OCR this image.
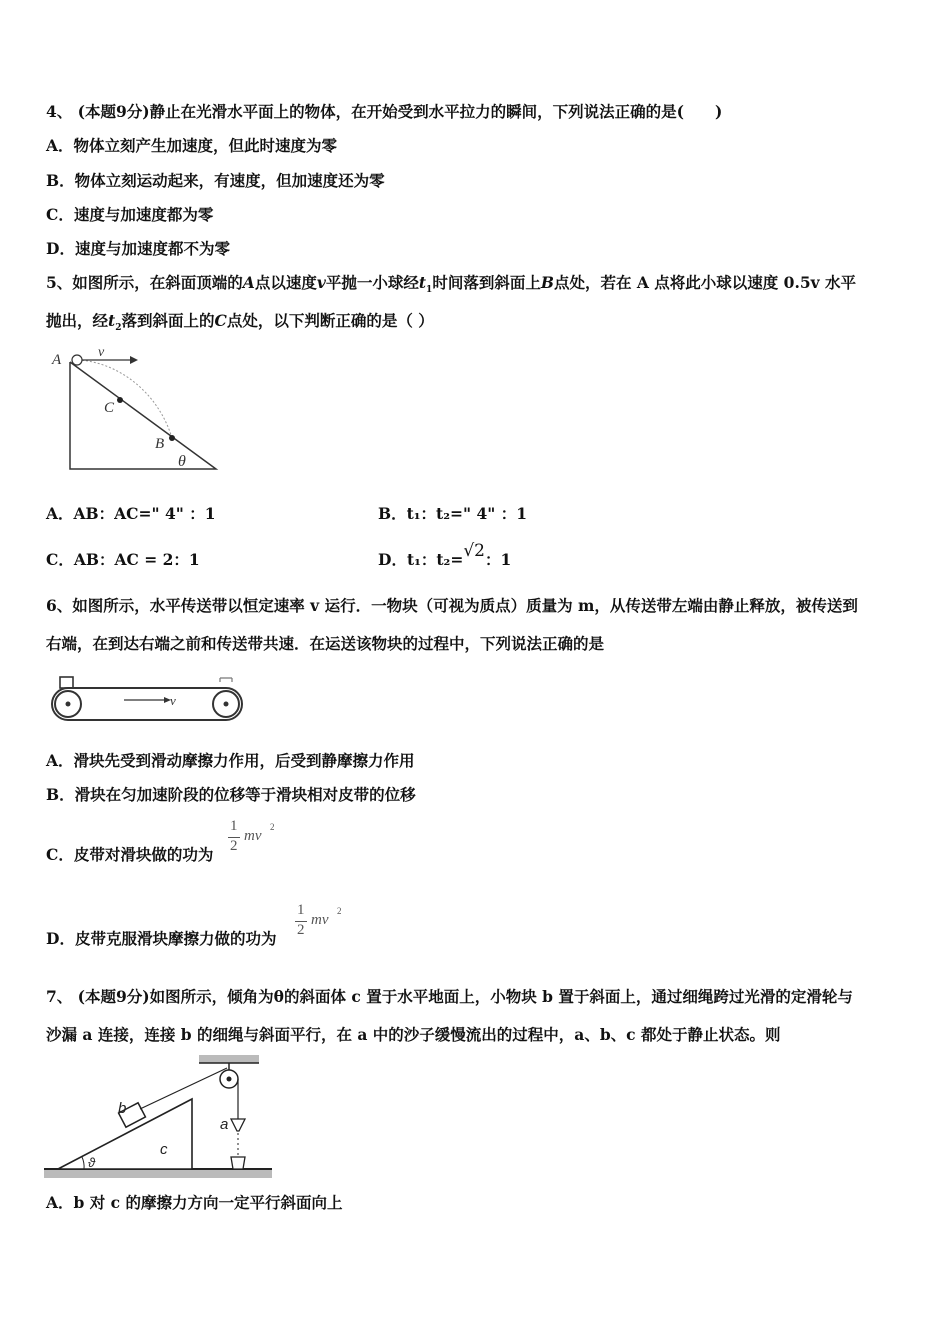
4、 (本题9分)静止在光滑水平面上的物体，在开始受到水平拉力的瞬间，下列说法正确的是(　　)
A．物体立刻产生加速度，但此时速度为零
B．物体立刻运动起来，有速度，但加速度还为零
C．速度与加速度都为零
D．速度与加速度都不为零
5、如图所示，在斜面顶端的A点以速度v平抛一小球经$t_1$时间落到斜面上B点处，若在 A 点将此小球以速度 0.5v 水平
抛出，经$t_2$落到斜面上的C点处，以下判断正确的是（ ）
A	v
C
B
θ
A．AB：AC=" 4" ：1	B．t₁：t₂=" 4" ：1
C．AB：AC = 2：1	D．t₁：t₂=√2：1
6、如图所示，水平传送带以恒定速率 v 运行．一物块（可视为质点）质量为 m，从传送带左端由静止释放，被传送到
右端，在到达右端之前和传送带共速．在运送该物块的过程中，下列说法正确的是
v
A．滑块先受到滑动摩擦力作用，后受到静摩擦力作用
B．滑块在匀加速阶段的位移等于滑块相对皮带的位移
C．皮带对滑块做的功为
1
2
mv
2
D．皮带克服滑块摩擦力做的功为
1
2
mv
2
7、 (本题9分)如图所示，倾角为θ的斜面体 c 置于水平地面上，小物块 b 置于斜面上，通过细绳跨过光滑的定滑轮与
沙漏 a 连接，连接 b 的细绳与斜面平行，在 a 中的沙子缓慢流出的过程中，a、b、c 都处于静止状态。则
b
c
a
ϑ
A．b 对 c 的摩擦力方向一定平行斜面向上
